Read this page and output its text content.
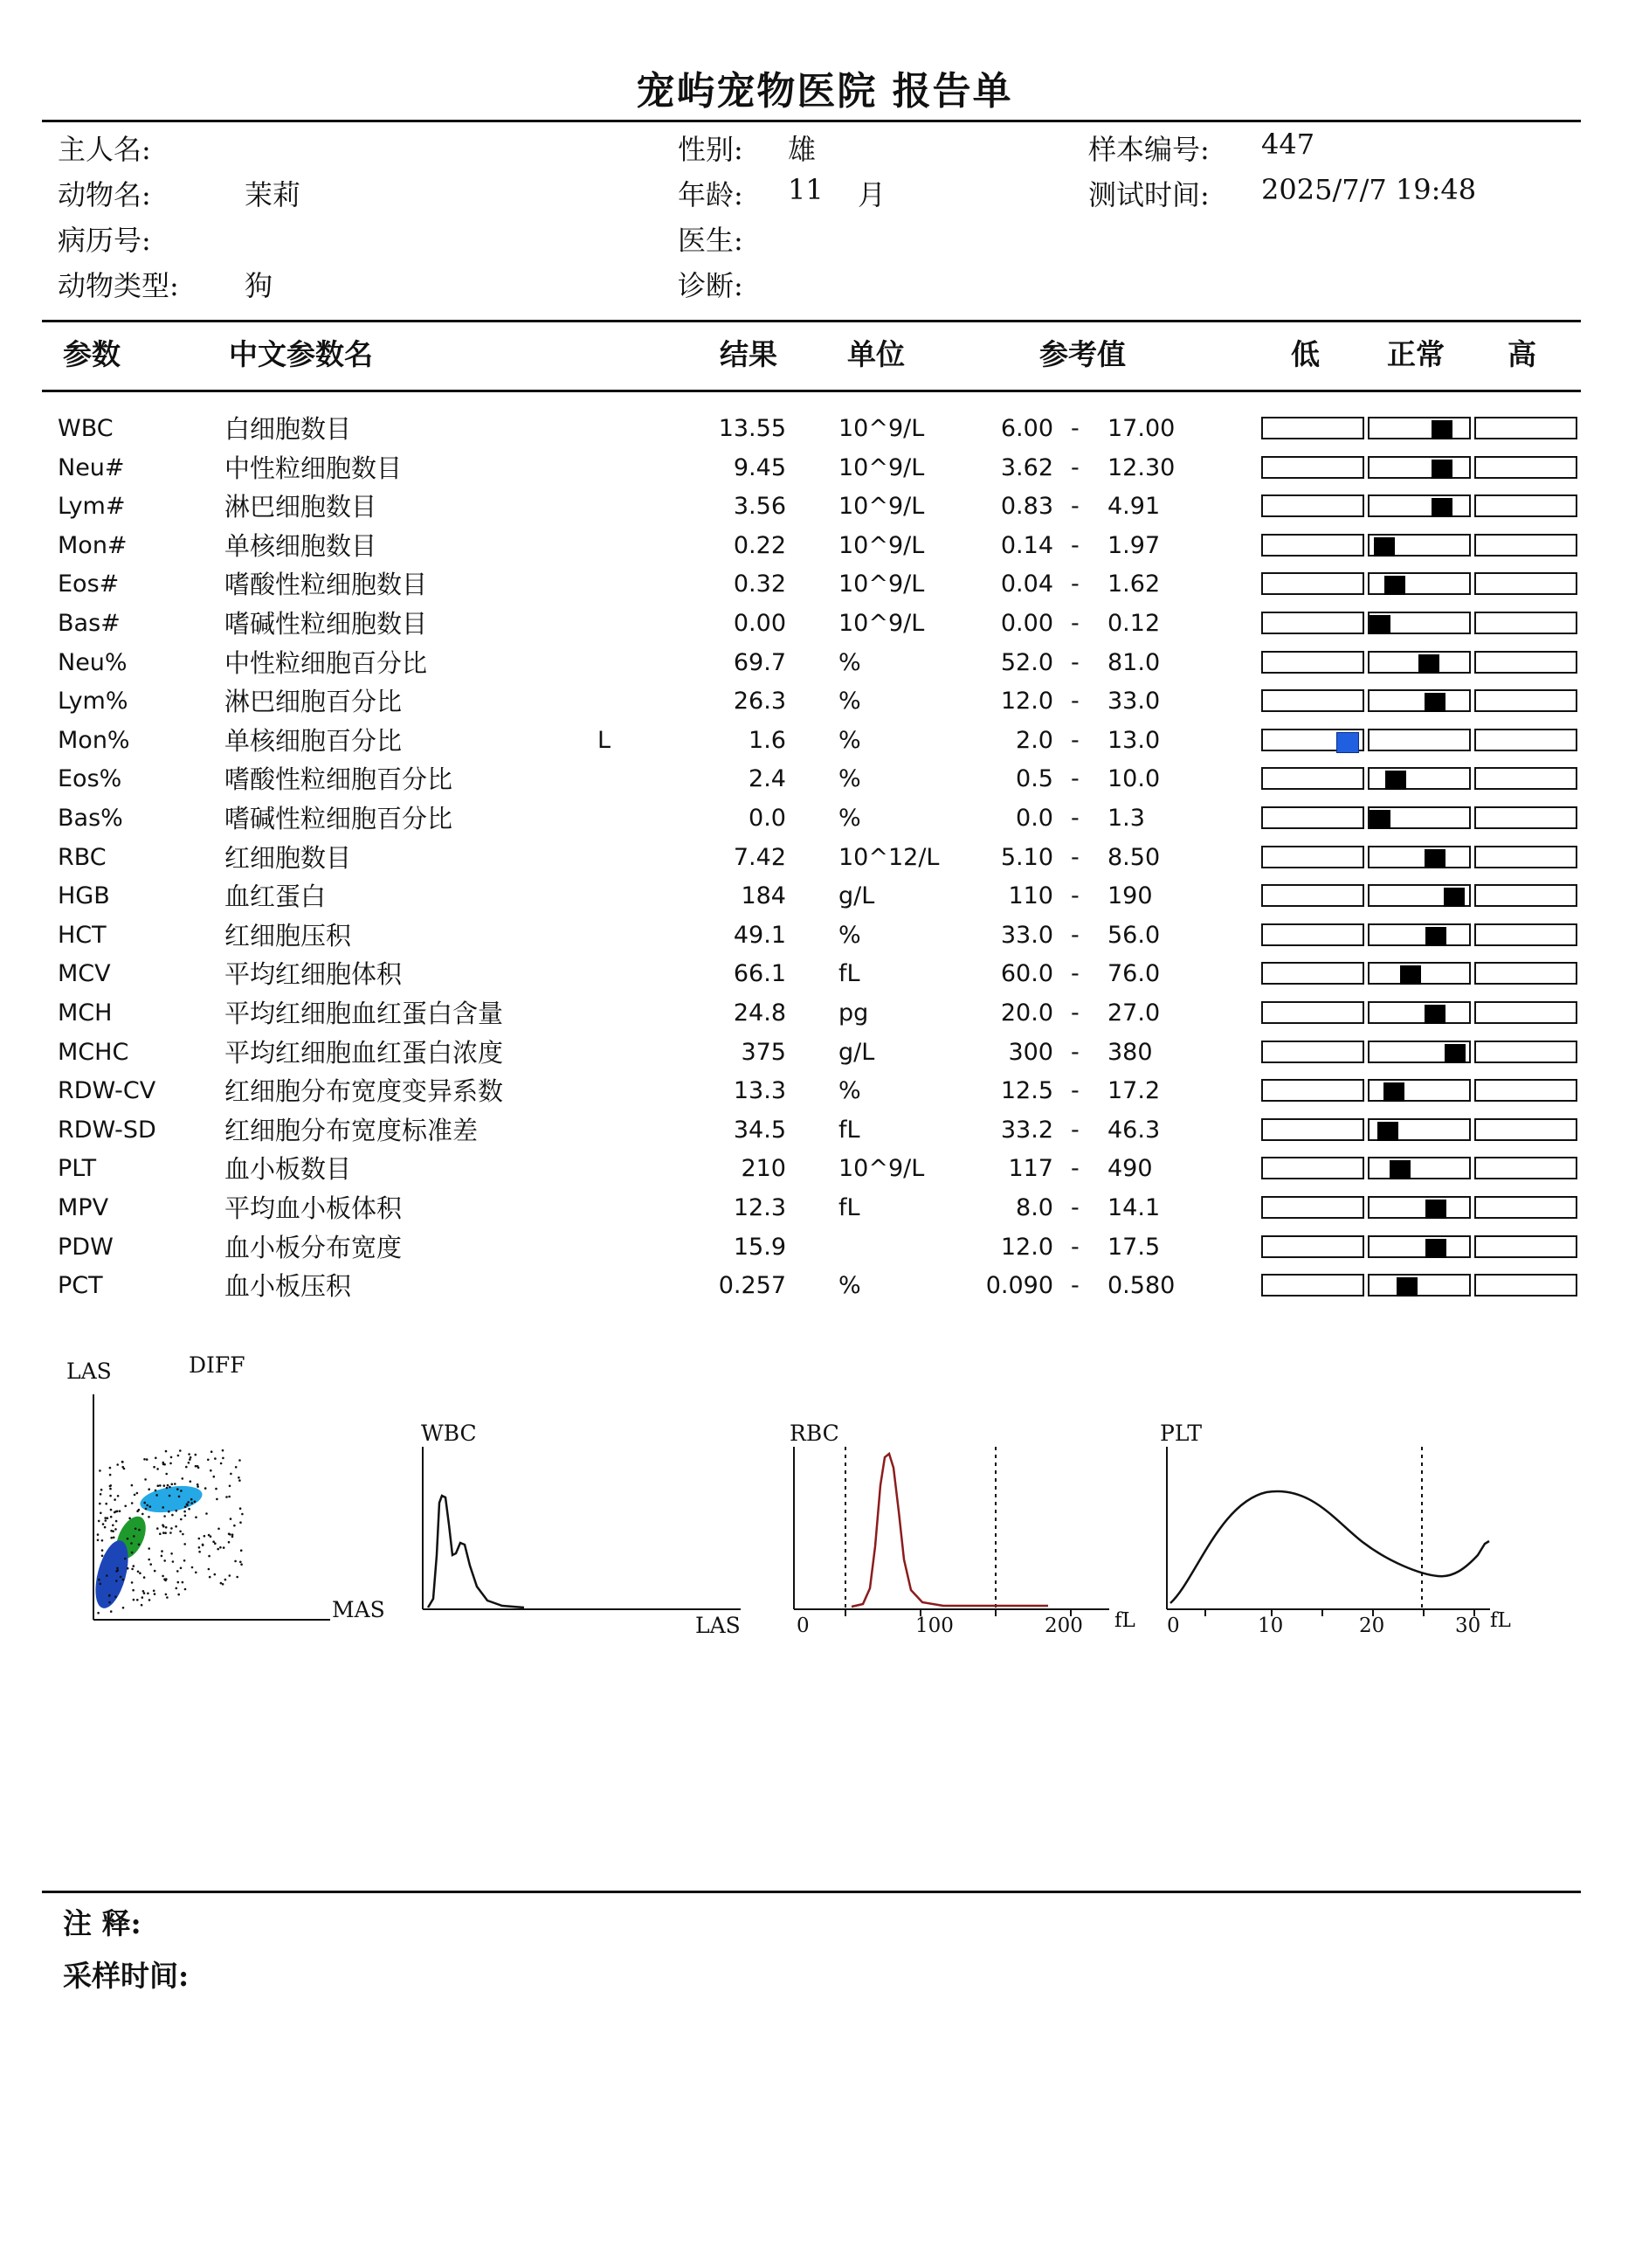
宠屿宠物医院 报告单
主人名:	性别: 雄	样本编号: 447
动物名:	茉莉	年龄: 11 月	测试时间: 2025/7/7 19:48
病历号:	医生:
动物类型: 狗	诊断:
参数	中文参数名	结果 单位	参考值	低 正常 高
WBC	白细胞数目	13.55 10^9/L	6.00 - 17.00
Neu#	中性粒细胞数目	9.45 10^9/L	3.62 - 12.30
Lym#	淋巴细胞数目	3.56 10^9/L	0.83 - 4.91
Mon#	单核细胞数目	0.22 10^9/L	0.14 - 1.97
Eos#	嗜酸性粒细胞数目	0.32 10^9/L	0.04 - 1.62
Bas#	嗜碱性粒细胞数目	0.00 10^9/L	0.00 - 0.12
Neu%	中性粒细胞百分比	69.7 %	52.0 - 81.0
Lym%	淋巴细胞百分比	26.3 %	12.0 - 33.0
Mon%	单核细胞百分比	L	1.6 %	2.0 - 13.0
Eos%	嗜酸性粒细胞百分比	2.4 %	0.5 - 10.0
Bas%	嗜碱性粒细胞百分比	0.0 %	0.0 - 1.3
RBC	红细胞数目	7.42 10^12/L	5.10 - 8.50
HGB	血红蛋白	184 g/L	110 - 190
HCT	红细胞压积	49.1 %	33.0 - 56.0
MCV	平均红细胞体积	66.1 fL	60.0 - 76.0
MCH	平均红细胞血红蛋白含量	24.8 pg	20.0 - 27.0
MCHC	平均红细胞血红蛋白浓度	375 g/L	300 - 380
RDW-CV	红细胞分布宽度变异系数	13.3 %	12.5 - 17.2
RDW-SD	红细胞分布宽度标准差	34.5 fL	33.2 - 46.3
PLT	血小板数目	210 10^9/L	117 - 490
MPV	平均血小板体积	12.3 fL	8.0 - 14.1
PDW	血小板分布宽度	15.9	12.0 - 17.5
PCT	血小板压积	0.257 %	0.090 - 0.580
LAS	DIFF
MAS
WBC
LAS
RBC
0	100	200 fL
PLT
0	10	20	30 fL
注 释:
采样时间:
